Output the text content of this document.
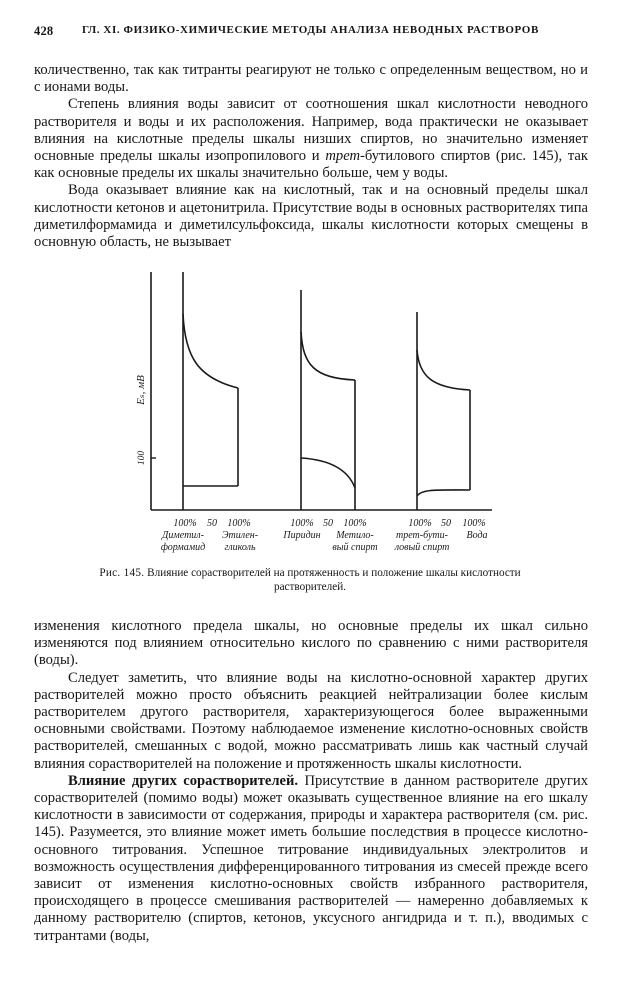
428	ГЛ. XI. ФИЗИКО-ХИМИЧЕСКИЕ МЕТОДЫ АНАЛИЗА НЕВОДНЫХ РАСТВОРОВ

количественно, так как титранты реагируют не только с определенным веществом, но и с ионами воды.

Степень влияния воды зависит от соотношения шкал кислотности неводного растворителя и воды и их расположения. Например, вода практически не оказывает влияния на кислотные пределы шкалы низших спиртов, но значительно изменяет основные пределы шкалы изопропилового и трет-бутилового спиртов (рис. 145), так как основные пределы их шкалы значительно больше, чем у воды.

Вода оказывает влияние как на кислотный, так и на основный пределы шкал кислотности кетонов и ацетонитрила. Присутствие воды в основных растворителях типа диметилформамида и диметилсульфоксида, шкалы кислотности которых смещены в основную область, не вызывает

Eₛ, мВ
100
100% 50 100%
Диметил-
формамид
Этилен-
гликоль
100% 50 100%
Пиридин Метило-
вый спирт
100% 50 100%
трет-бути-
ловый спирт
Вода
Рис. 145. Влияние сорастворителей на протяженность и положение шкалы кислотности растворителей.

изменения кислотного предела шкалы, но основные пределы их шкал сильно изменяются под влиянием относительно кислого по сравнению с ними растворителя (воды).

Следует заметить, что влияние воды на кислотно-основной характер других растворителей можно просто объяснить реакцией нейтрализации более кислым растворителем другого растворителя, характеризующегося более выраженными основными свойствами. Поэтому наблюдаемое изменение кислотно-основных свойств растворителей, смешанных с водой, можно рассматривать лишь как частный случай влияния сорастворителей на положение и протяженность шкалы кислотности.

Влияние других сорастворителей. Присутствие в данном растворителе других сорастворителей (помимо воды) может оказывать существенное влияние на его шкалу кислотности в зависимости от содержания, природы и характера растворителя (см. рис. 145). Разумеется, это влияние может иметь большие последствия в процессе кислотно-основного титрования. Успешное титрование индивидуальных электролитов и возможность осуществления дифференцированного титрования из смесей прежде всего зависит от изменения кислотно-основных свойств избранного растворителя, происходящего в процессе смешивания растворителей — намеренно добавляемых к данному растворителю (спиртов, кетонов, уксусного ангидрида и т. п.), вводимых с титрантами (воды,
